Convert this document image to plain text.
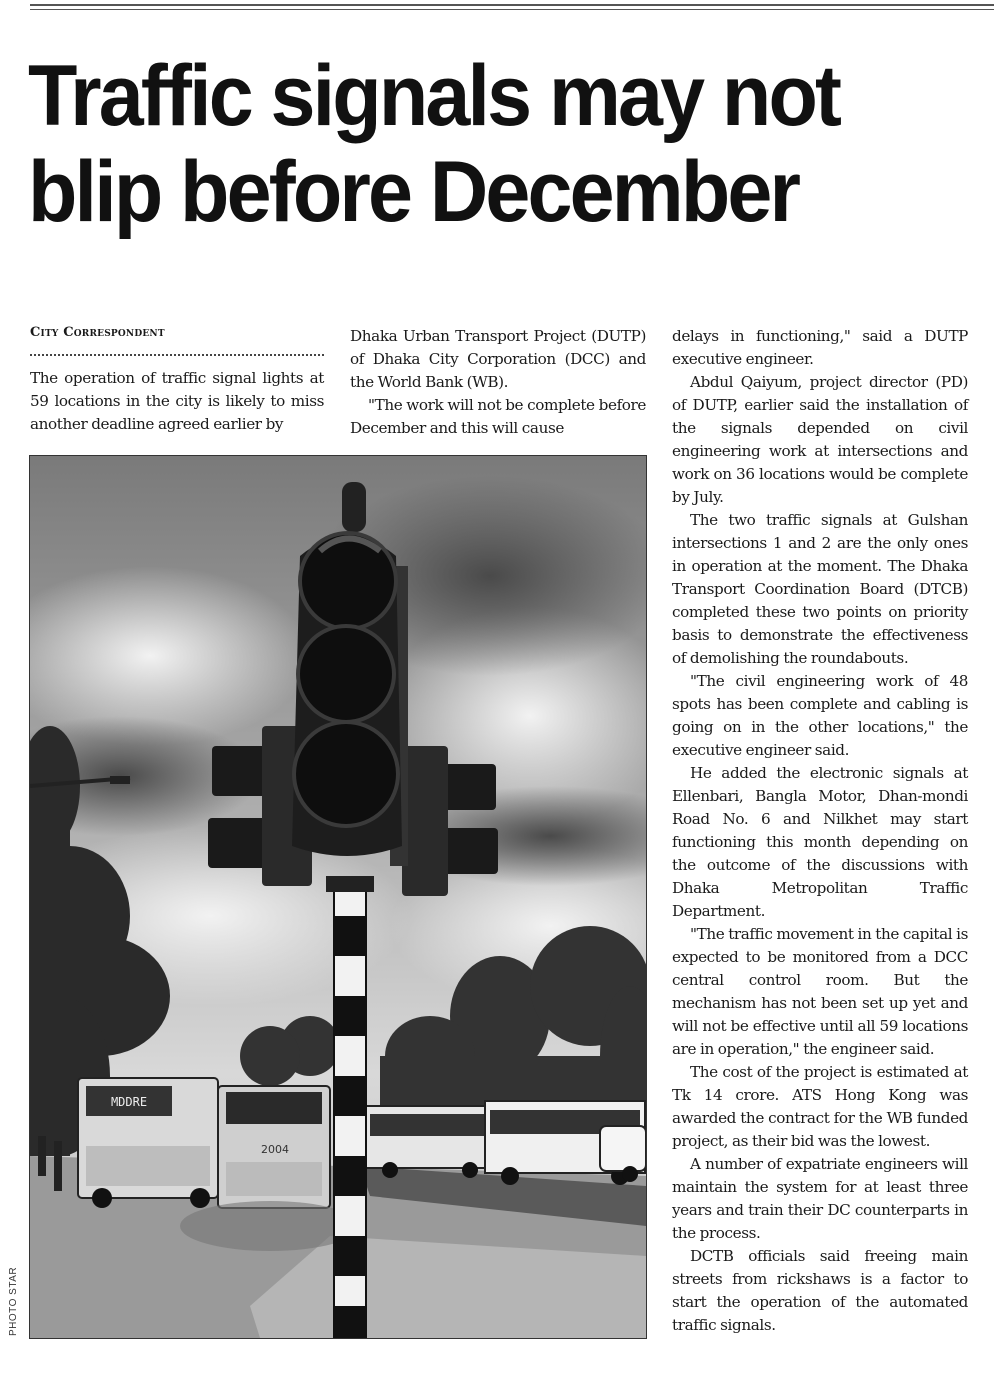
Traffic signals may not
blip before December
City Correspondent

The operation of traffic signal lights at 59 locations in the city is likely to miss another deadline agreed earlier by

Dhaka Urban Transport Project (DUTP) of Dhaka City Corporation (DCC) and the World Bank (WB).

"The work will not be complete before December and this will cause

delays in functioning," said a DUTP executive engineer.

Abdul Qaiyum, project director (PD) of DUTP, earlier said the installation of the signals depended on civil engineering work at intersections and work on 36 locations would be complete by July.

The two traffic signals at Gulshan intersections 1 and 2 are the only ones in operation at the moment. The Dhaka Transport Coordination Board (DTCB) completed these two points on priority basis to demonstrate the effectiveness of demolishing the roundabouts.

"The civil engineering work of 48 spots has been complete and cabling is going on in the other locations," the executive engineer said.

He added the electronic signals at Ellenbari, Bangla Motor, Dhan-mondi Road No. 6 and Nilkhet may start functioning this month depending on the outcome of the discussions with Dhaka Metropolitan Traffic Department.

"The traffic movement in the capital is expected to be monitored from a DCC central control room. But the mechanism has not been set up yet and will not be effective until all 59 locations are in operation," the engineer said.

The cost of the project is estimated at Tk 14 crore. ATS Hong Kong was awarded the contract for the WB funded project, as their bid was the lowest.

A number of expatriate engineers will maintain the system for at least three years and train their DC counterparts in the process.

DCTB officials said freeing main streets from rickshaws is a factor to start the operation of the automated traffic signals.

MDDRE
2004
PHOTO STAR
